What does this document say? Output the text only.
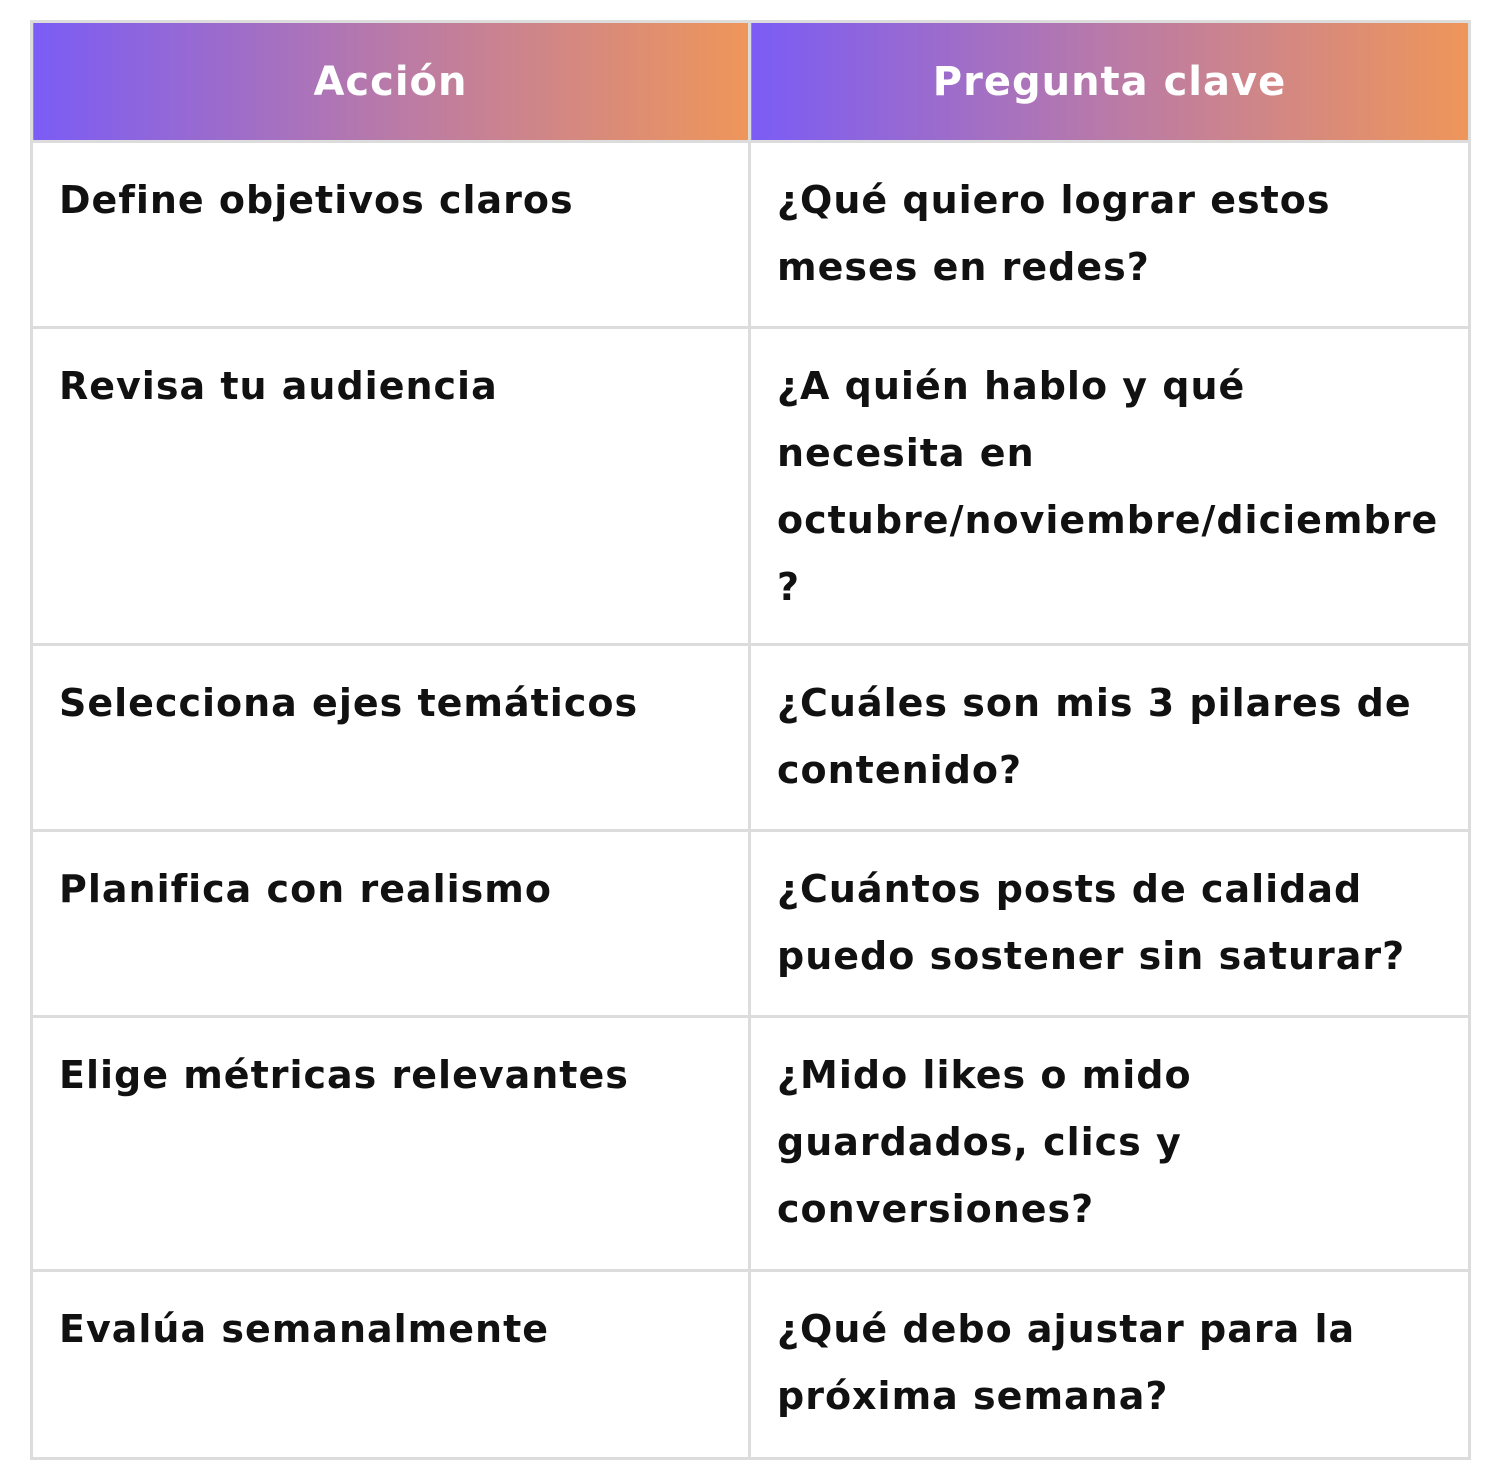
Acción	Pregunta clave
Define objetivos claros	¿Qué quiero lograr estos meses en redes?
Revisa tu audiencia	¿A quién hablo y qué necesita en octubre/noviembre/diciembre?
Selecciona ejes temáticos	¿Cuáles son mis 3 pilares de contenido?
Planifica con realismo	¿Cuántos posts de calidad puedo sostener sin saturar?
Elige métricas relevantes	¿Mido likes o mido guardados, clics y conversiones?
Evalúa semanalmente	¿Qué debo ajustar para la próxima semana?
